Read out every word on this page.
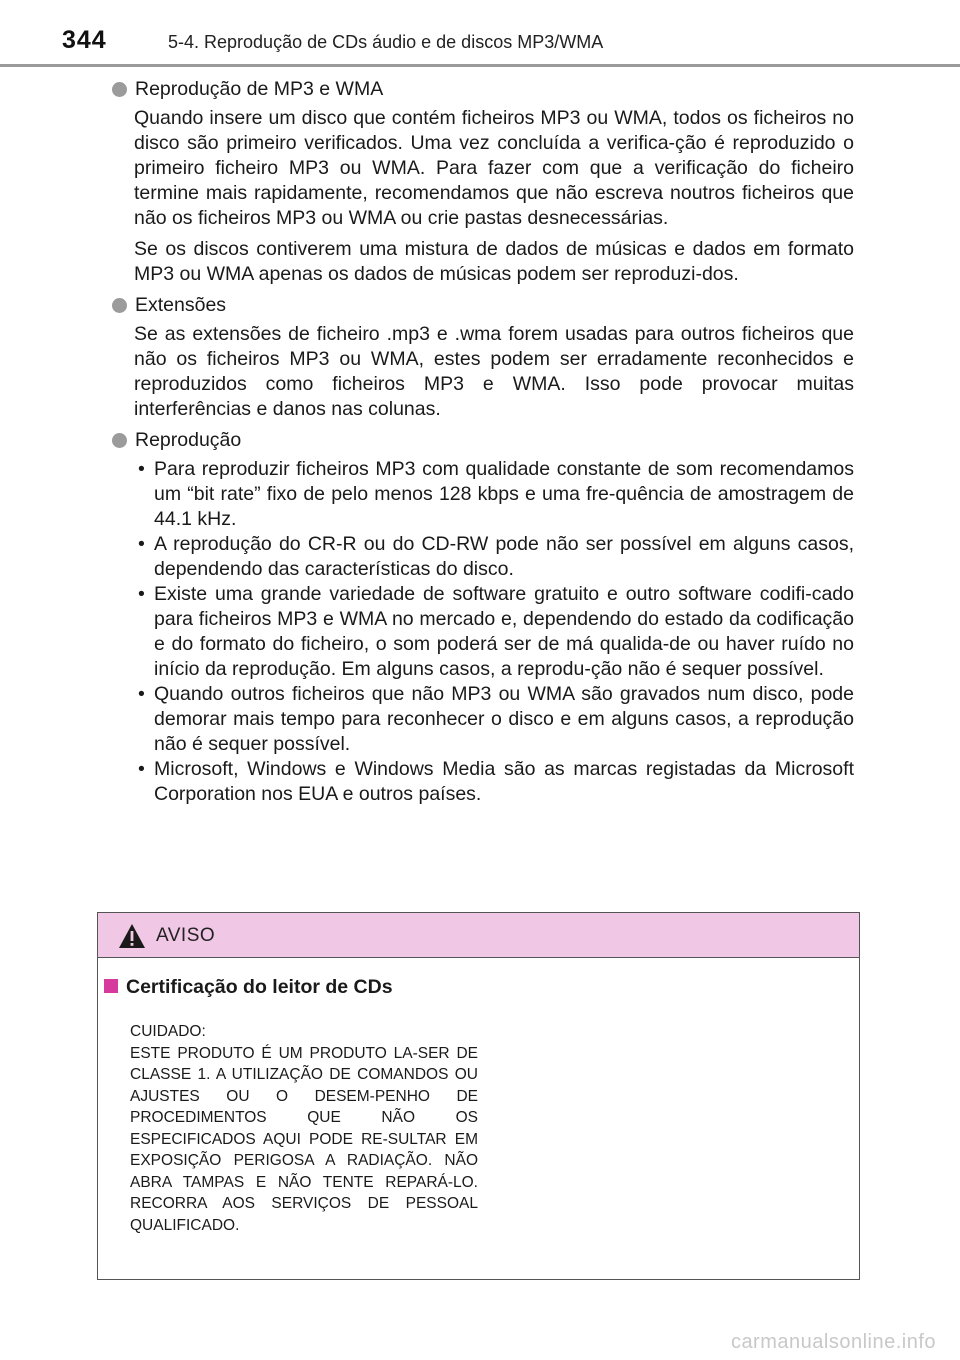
344	5-4. Reprodução de CDs áudio e de discos MP3/WMA
Reprodução de MP3 e WMA

Quando insere um disco que contém ficheiros MP3 ou WMA, todos os ficheiros no disco são primeiro verificados. Uma vez concluída a verifica-ção é reproduzido o primeiro ficheiro MP3 ou WMA. Para fazer com que a verificação do ficheiro termine mais rapidamente, recomendamos que não escreva noutros ficheiros que não os ficheiros MP3 ou WMA ou crie pastas desnecessárias.

Se os discos contiverem uma mistura de dados de músicas e dados em formato MP3 ou WMA apenas os dados de músicas podem ser reproduzi-dos.

Extensões

Se as extensões de ficheiro .mp3 e .wma forem usadas para outros ficheiros que não os ficheiros MP3 ou WMA, estes podem ser erradamente reconhecidos e reproduzidos como ficheiros MP3 e WMA. Isso pode provocar muitas interferências e danos nas colunas.

Reprodução
• Para reproduzir ficheiros MP3 com qualidade constante de som recomendamos um “bit rate” fixo de pelo menos 128 kbps e uma fre-quência de amostragem de 44.1 kHz.
• A reprodução do CR-R ou do CD-RW pode não ser possível em alguns casos, dependendo das características do disco.
• Existe uma grande variedade de software gratuito e outro software codifi-cado para ficheiros MP3 e WMA no mercado e, dependendo do estado da codificação e do formato do ficheiro, o som poderá ser de má qualida-de ou haver ruído no início da reprodução. Em alguns casos, a reprodu-ção não é sequer possível.
• Quando outros ficheiros que não MP3 ou WMA são gravados num disco, pode demorar mais tempo para reconhecer o disco e em alguns casos, a reprodução não é sequer possível.
• Microsoft, Windows e Windows Media são as marcas registadas da Microsoft Corporation nos EUA e outros países.
AVISO
Certificação do leitor de CDs

CUIDADO:

ESTE PRODUTO É UM PRODUTO LA-SER DE CLASSE 1. A UTILIZAÇÃO DE COMANDOS OU AJUSTES OU O DESEM-PENHO DE PROCEDIMENTOS QUE NÃO OS ESPECIFICADOS AQUI PODE RE-SULTAR EM EXPOSIÇÃO PERIGOSA A RADIAÇÃO. NÃO ABRA TAMPAS E NÃO TENTE REPARÁ-LO. RECORRA AOS SERVIÇOS DE PESSOAL QUALIFICADO.

carmanualsonline.info
